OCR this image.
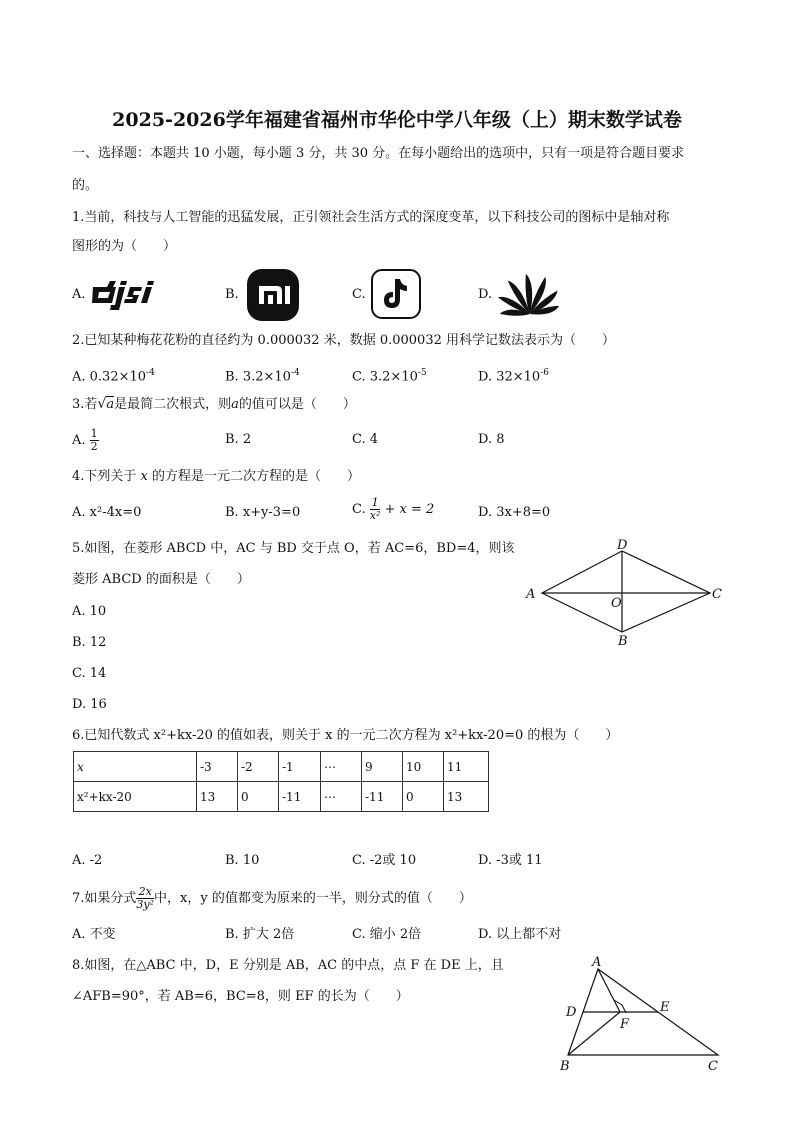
2025-2026学年福建省福州市华伦中学八年级（上）期末数学试卷
一、选择题：本题共 10 小题，每小题 3 分，共 30 分。在每小题给出的选项中，只有一项是符合题目要求
的。
1.当前，科技与人工智能的迅猛发展，正引领社会生活方式的深度变革，以下科技公司的图标中是轴对称
图形的为（　　）
A.	B.	C.	D.
2.已知某种梅花花粉的直径约为 0.000032 米，数据 0.000032 用科学记数法表示为（　　）
A. $0.32\times 10^{-4}$	B. $3.2\times 10^{-4}$	C. $3.2\times 10^{-5}$	D. $32\times 10^{-6}$
3.若√a是最简二次根式，则a的值可以是（　　）
A. $\frac{1}{2}$	B. 2	C. 4	D. 8
4.下列关于 x 的方程是一元二次方程的是（　　）
A. x²-4x=0	B. x+y-3=0	C. $\frac{1}{\text{x²}} + x = 2$	D. 3x+8=0
5.如图，在菱形 ABCD 中，AC 与 BD 交于点 O，若 AC=6，BD=4，则该
菱形 ABCD 的面积是（　　）
A. 10
B. 12
C. 14
D. 16
D
A
O
C
B
6.已知代数式 x²+kx-20 的值如表，则关于 x 的一元二次方程为 x²+kx-20=0 的根为（　　）
x	-3	-2	-1	⋯	9	10	11
x²+kx-20	13	0	-11	⋯	-11	0	13
A. -2	B. 10	C. -2或 10	D. -3或 11
7.如果分式 $\frac{2x}{\text{3y²}}$ 中，x，y 的值都变为原来的一半，则分式的值（　　）
A. 不变	B. 扩大 2倍	C. 缩小 2倍	D. 以上都不对
8.如图，在△ABC 中，D，E 分别是 AB，AC 的中点，点 F 在 DE 上，且
∠AFB=90°，若 AB=6，BC=8，则 EF 的长为（　　）
A
D	E
F
B	C
